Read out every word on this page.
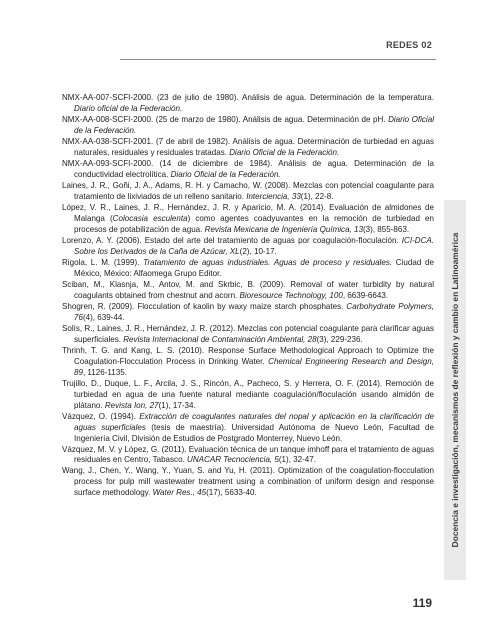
REDES 02

NMX-AA-007-SCFI-2000. (23 de julio de 1980). Análisis de agua. Determinación de la temperatura. Diario oficial de la Federación.

NMX-AA-008-SCFI-2000. (25 de marzo de 1980). Análisis de agua. Determinación de pH. Diario Oficial de la Federación.

NMX-AA-038-SCFI-2001. (7 de abril de 1982). Análisis de agua. Determinación de turbiedad en aguas naturales, residuales y residuales tratadas. Diario Oficial de la Federación.

NMX-AA-093-SCFI-2000. (14 de diciembre de 1984). Análisis de agua. Determinación de la conductividad electrolítica. Diario Oficial de la Federación.

Laines, J. R., Goñi, J. A., Adams, R. H. y Camacho, W. (2008). Mezclas con potencial coagulante para tratamiento de lixiviados de un relleno sanitario. Interciencia, 33(1), 22-8.

López, V. R., Laines, J. R., Hernández, J. R. y Aparicio, M. A. (2014). Evaluación de almidones de Malanga (Colocasia esculenta) como agentes coadyuvantes en la remoción de turbiedad en procesos de potabilización de agua. Revista Mexicana de Ingeniería Química, 13(3), 855-863.

Lorenzo, A. Y. (2006). Estado del arte del tratamiento de aguas por coagulación-floculación. ICI-DCA. Sobre los Derivados de la Caña de Azúcar, XL(2), 10-17.

Rigola, L. M. (1999). Tratamiento de aguas industriales. Aguas de proceso y residuales. Ciudad de México, México: Alfaomega Grupo Editor.

Sciban, M., Klasnja, M., Antov, M. and Skrbic, B. (2009). Removal of water turbidity by natural coagulants obtained from chestnut and acorn. Bioresource Technology, 100, 6639-6643.

Shogren, R. (2009). Flocculation of kaolin by waxy maize starch phosphates. Carbohydrate Polymers, 76(4), 639-44.

Solís, R., Laines, J. R., Hernández, J. R. (2012). Mezclas con potencial coagulante para clarificar aguas superficiales. Revista Internacional de Contaminación Ambiental, 28(3), 229-236.

Thrinh, T. G. and Kang, L. S. (2010). Response Surface Methodological Approach to Optimize the Coagulation-Flocculation Process in Drinking Water. Chemical Engineering Research and Design, 89, 1126-1135.

Trujillo, D., Duque, L. F., Arcila, J. S., Rincón, A., Pacheco, S. y Herrera, O. F. (2014). Remoción de turbiedad en agua de una fuente natural mediante coagulación/floculación usando almidón de plátano. Revista Ion, 27(1), 17-34.

Vázquez, O. (1994). Extracción de coagulantes naturales del nopal y aplicación en la clarificación de aguas superficiales (tesis de maestría). Universidad Autónoma de Nuevo León, Facultad de Ingeniería Civil, División de Estudios de Postgrado Monterrey, Nuevo León.

Vázquez, M. V. y López, G. (2011). Evaluación técnica de un tanque imhoff para el tratamiento de aguas residuales en Centro, Tabasco. UNACAR Tecnociencia, 5(1), 32-47.

Wang, J., Chen, Y., Wang, Y., Yuan, S. and Yu, H. (2011). Optimization of the coagulation-flocculation process for pulp mill wastewater treatment using a combination of uniform design and response surface methodology. Water Res., 45(17), 5633-40.	Docencia e investigación, mecanismos de reflexión y cambio en Latinoamérica
119
